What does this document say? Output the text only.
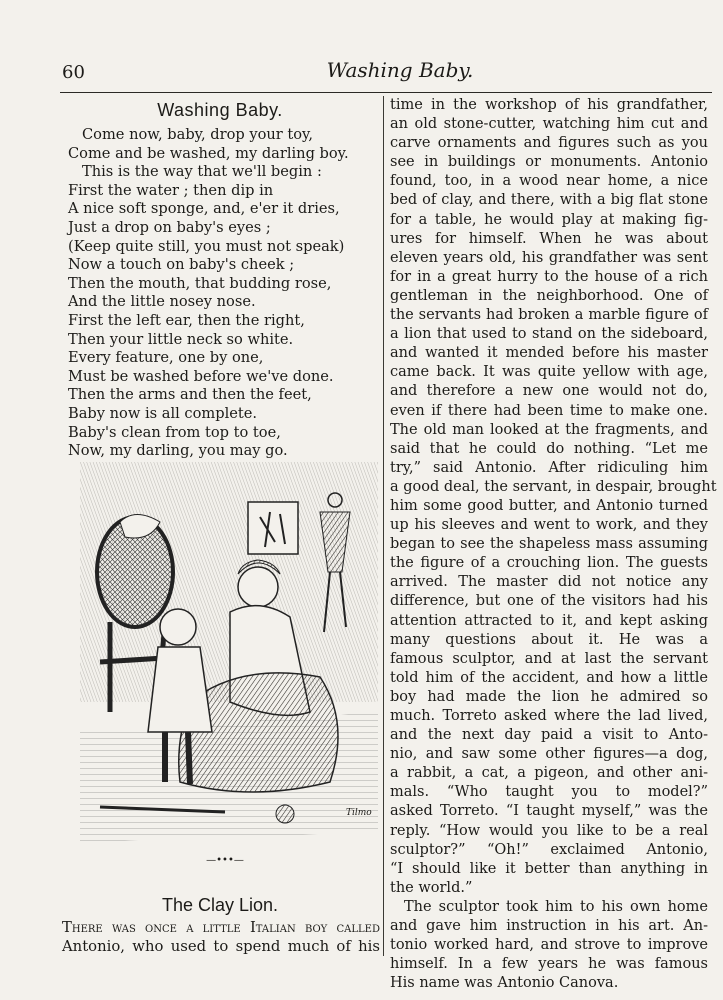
60	Washing Baby.
Washing Baby.
Come now, baby, drop your toy,
Come and be washed, my darling boy.
This is the way that we'll begin :
First the water ; then dip in
A nice soft sponge, and, e'er it dries,
Just a drop on baby's eyes ;
(Keep quite still, you must not speak)
Now a touch on baby's cheek ;
Then the mouth, that budding rose,
And the little nosey nose.
First the left ear, then the right,
Then your little neck so white.
Every feature, one by one,
Must be washed before we've done.
Then the arms and then the feet,
Baby now is all complete.
Baby's clean from top to toe,
Now, my darling, you may go.
Tilmo
—•••—
The Clay Lion.
There was once a little Italian boy called
Antonio, who used to spend much of his
time in the workshop of his grandfather,
an old stone-cutter, watching him cut and
carve ornaments and figures such as you
see in buildings or monuments. Antonio
found, too, in a wood near home, a nice
bed of clay, and there, with a big flat stone
for a table, he would play at making fig-
ures for himself. When he was about
eleven years old, his grandfather was sent
for in a great hurry to the house of a rich
gentleman in the neighborhood. One of
the servants had broken a marble figure of
a lion that used to stand on the sideboard,
and wanted it mended before his master
came back. It was quite yellow with age,
and therefore a new one would not do,
even if there had been time to make one.
The old man looked at the fragments, and
said that he could do nothing. “Let me
try,” said Antonio. After ridiculing him
a good deal, the servant, in despair, brought
him some good butter, and Antonio turned
up his sleeves and went to work, and they
began to see the shapeless mass assuming
the figure of a crouching lion. The guests
arrived. The master did not notice any
difference, but one of the visitors had his
attention attracted to it, and kept asking
many questions about it. He was a
famous sculptor, and at last the servant
told him of the accident, and how a little
boy had made the lion he admired so
much. Torreto asked where the lad lived,
and the next day paid a visit to Anto-
nio, and saw some other figures—a dog,
a rabbit, a cat, a pigeon, and other ani-
mals. “Who taught you to model?”
asked Torreto. “I taught myself,” was the
reply. “How would you like to be a real
sculptor?” “Oh!” exclaimed Antonio,
“I should like it better than anything in
the world.”
The sculptor took him to his own home
and gave him instruction in his art. An-
tonio worked hard, and strove to improve
himself. In a few years he was famous
His name was Antonio Canova.
